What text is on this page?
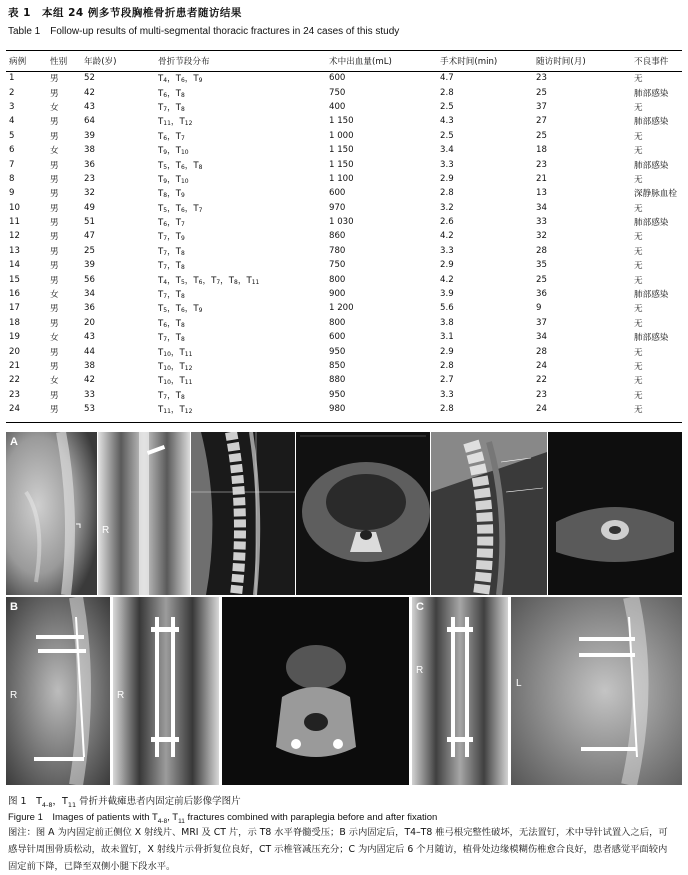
表 1　本组 24 例多节段胸椎骨折患者随访结果
Table 1　Follow-up results of multi-segmental thoracic fractures in 24 cases of this study
病例	性别	年龄(岁)	骨折节段分布	术中出血量(mL)	手术时间(min)	随访时间(月)	不良事件
1	男	52	$T_4$，$T_6$，$T_9$	600	4.7	23	无
2	男	42	$T_6$，$T_8$	750	2.8	25	肺部感染
3	女	43	$T_7$，$T_8$	400	2.5	37	无
4	男	64	$T_{11}$，$T_{12}$	1 150	4.3	27	肺部感染
5	男	39	$T_6$，$T_7$	1 000	2.5	25	无
6	女	38	$T_9$，$T_{10}$	1 150	3.4	18	无
7	男	36	$T_5$，$T_6$，$T_8$	1 150	3.3	23	肺部感染
8	男	23	$T_9$，$T_{10}$	1 100	2.9	21	无
9	男	32	$T_8$，$T_9$	600	2.8	13	深静脉血栓
10	男	49	$T_5$，$T_6$，$T_7$	970	3.2	34	无
11	男	51	$T_6$，$T_7$	1 030	2.6	33	肺部感染
12	男	47	$T_7$，$T_9$	860	4.2	32	无
13	男	25	$T_7$，$T_8$	780	3.3	28	无
14	男	39	$T_7$，$T_8$	750	2.9	35	无
15	男	56	$T_4$，$T_5$，$T_6$，$T_7$，$T_8$，$T_{11}$	800	4.2	25	无
16	女	34	$T_7$，$T_8$	900	3.9	36	肺部感染
17	男	36	$T_5$，$T_6$，$T_9$	1 200	5.6	9	无
18	男	20	$T_6$，$T_8$	800	3.8	37	无
19	女	43	$T_7$，$T_8$	600	3.1	34	肺部感染
20	男	44	$T_{10}$，$T_{11}$	950	2.9	28	无
21	男	38	$T_{10}$，$T_{12}$	850	2.8	24	无
22	女	42	$T_{10}$，$T_{11}$	880	2.7	22	无
23	男	33	$T_7$，$T_8$	950	3.3	23	无
24	男	53	$T_{11}$，$T_{12}$	980	2.8	24	无
A
R
B
R	R
C
R
L
图 1　$T_{4-8}$，$T_{11}$ 骨折并截瘫患者内固定前后影像学图片
Figure 1　Images of patients with $T_{4-8}$, $T_{11}$ fractures combined with paraplegia before and after fixation
图注：图 A 为内固定前正侧位 X 射线片、MRI 及 CT 片，示 T8 水平脊髓受压；B 示内固定后，T4–T8 椎弓根完整性破坏，无法置钉，术中导针试置入之后，可感导针周围骨质松动，故未置钉，X 射线片示骨折复位良好，CT 示椎管减压充分；C 为内固定后 6 个月随访，植骨处边缘模糊伤椎愈合良好，患者感觉平面较内固定前下降，已降至双侧小腿下段水平。
